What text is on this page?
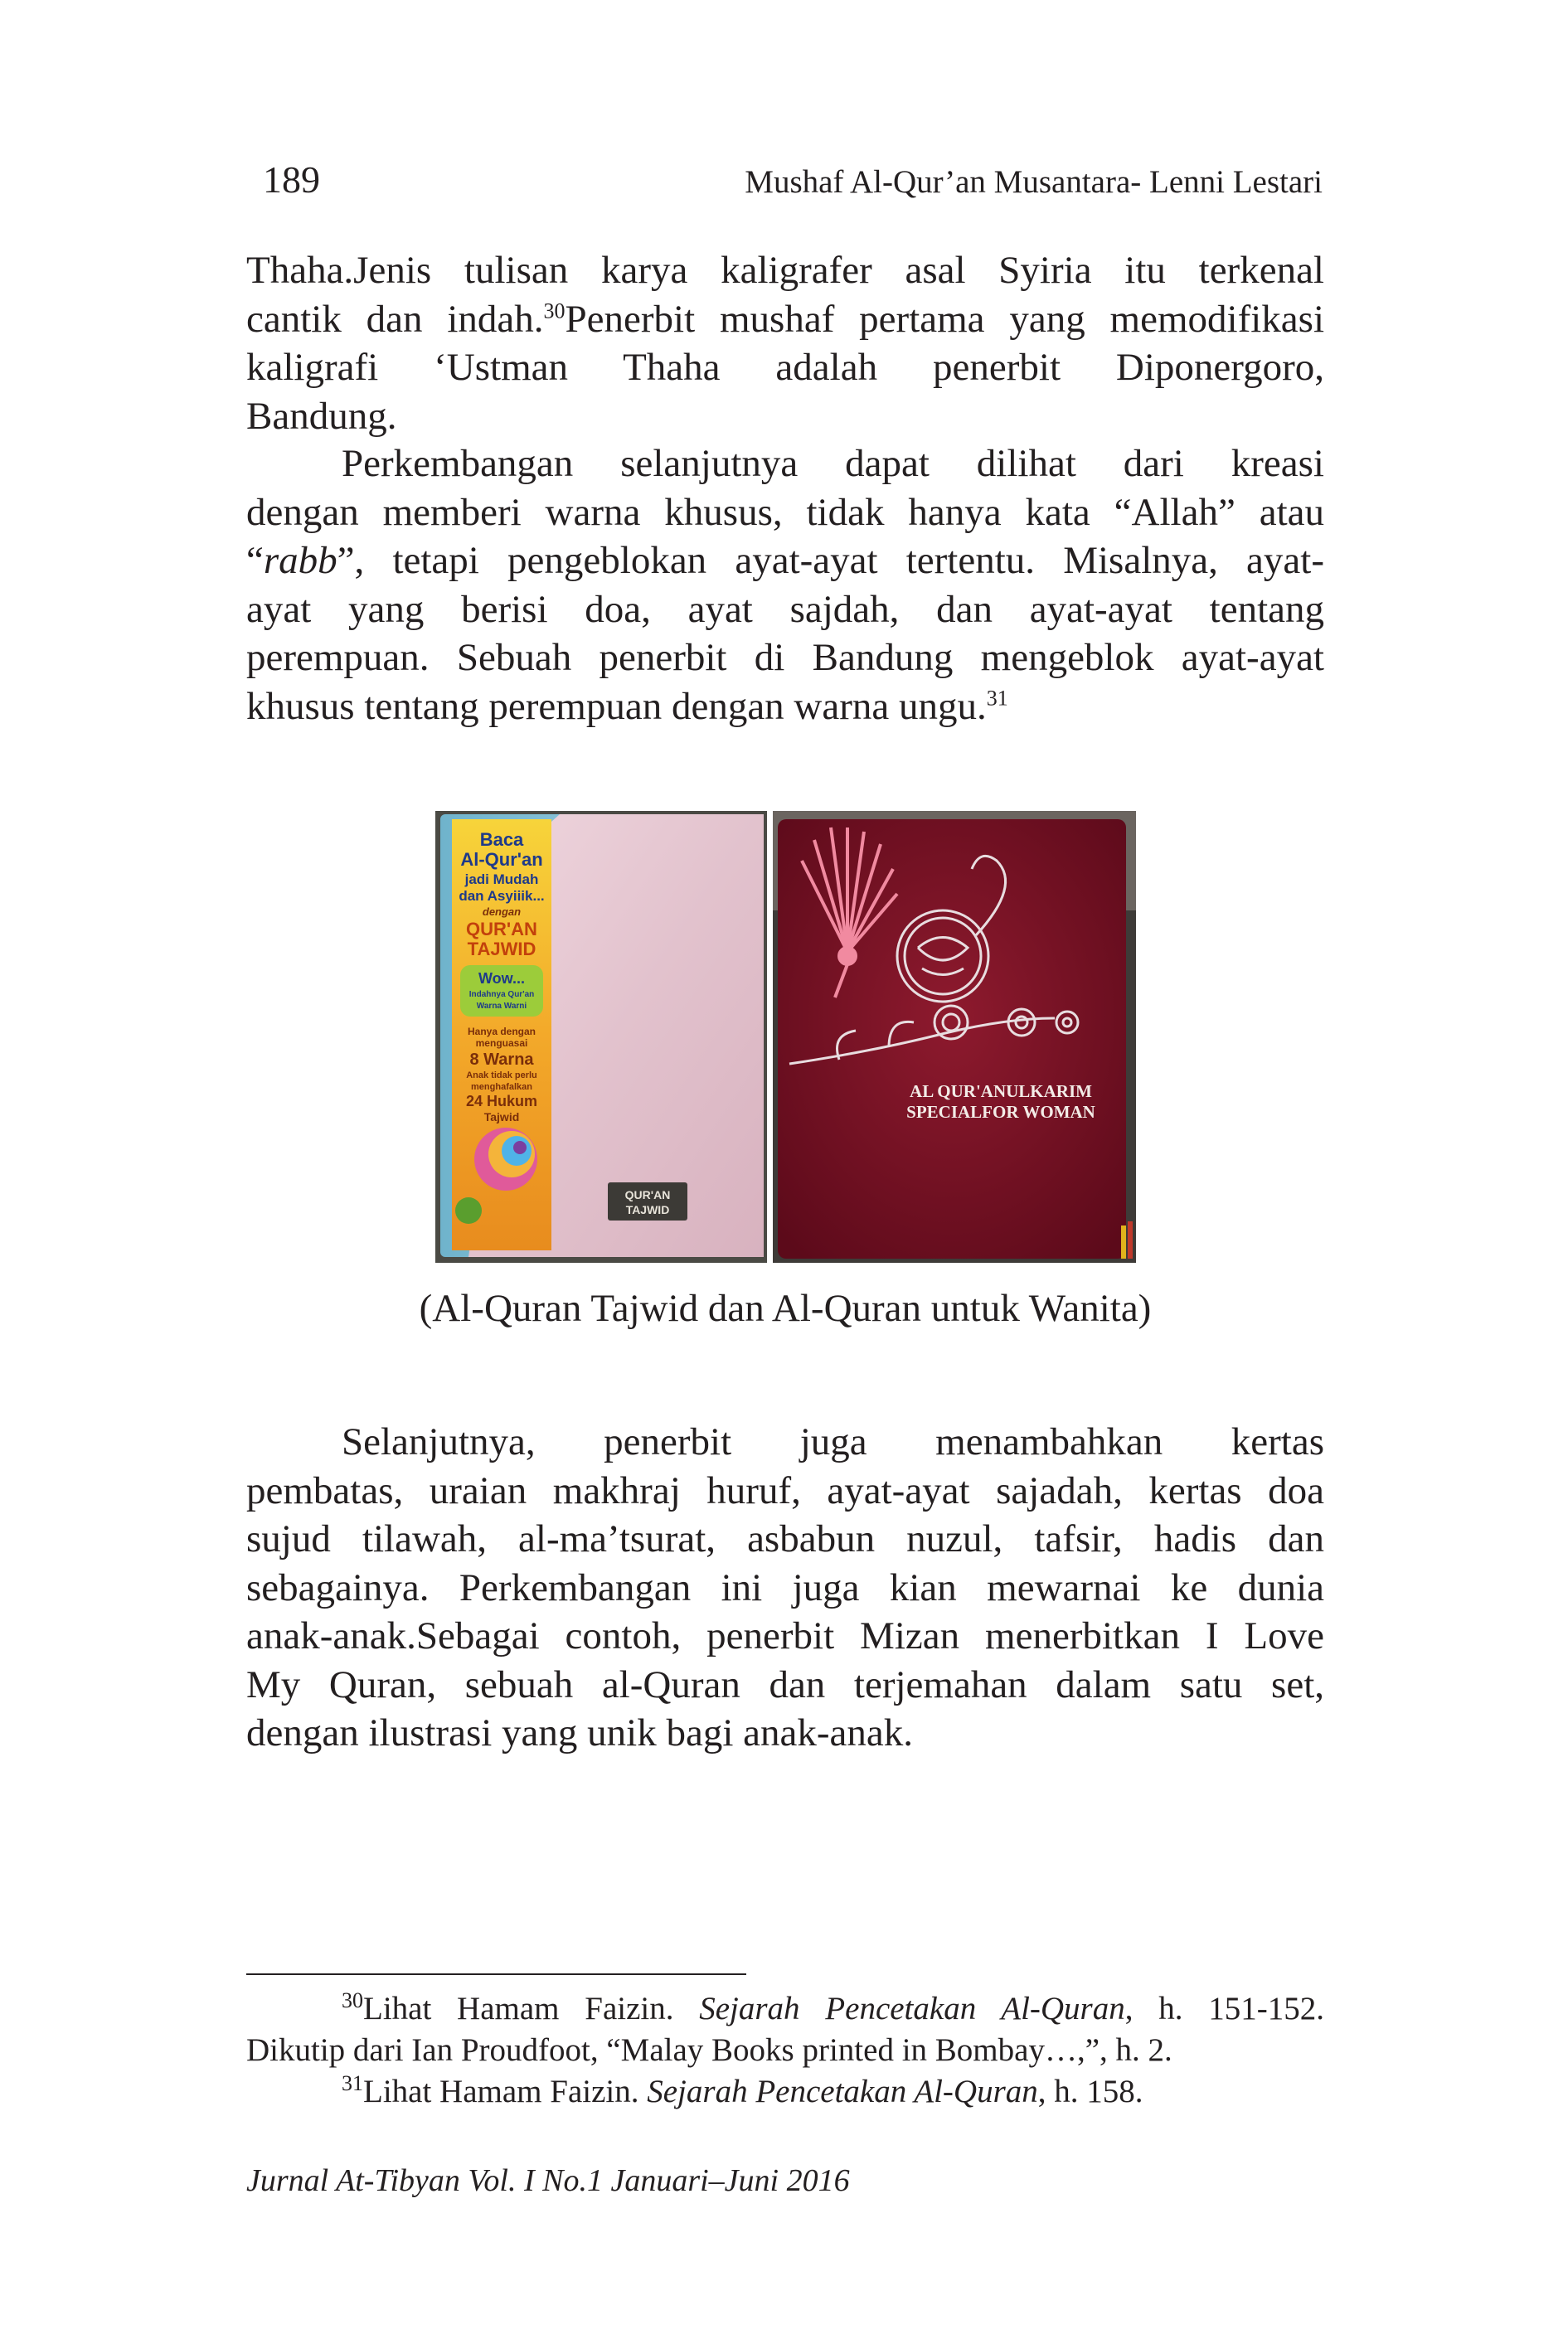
189	Mushaf Al-Qur’an Musantara- Lenni Lestari
Thaha.Jenis tulisan karya kaligrafer asal Syiria itu terkenal
cantik dan indah.$^{30}$Penerbit mushaf pertama yang memodifikasi
kaligrafi ‘Ustman Thaha adalah penerbit Diponergoro,
Bandung.
Perkembangan selanjutnya dapat dilihat dari kreasi
dengan memberi warna khusus, tidak hanya kata “Allah” atau
“rabb”, tetapi pengeblokan ayat-ayat tertentu. Misalnya, ayat-
ayat yang berisi doa, ayat sajdah, dan ayat-ayat tentang
perempuan. Sebuah penerbit di Bandung mengeblok ayat-ayat
khusus tentang perempuan dengan warna ungu.$^{31}$
Baca
Al-Qur'an
jadi Mudah
dan Asyiiik...
dengan
QUR'AN
TAJWID
Wow...
Indahnya Qur'an
Warna Warni
Hanya dengan
menguasai
8 Warna
Anak tidak perlu
menghafalkan
24 Hukum
Tajwid
QUR'AN
TAJWID
AL QUR'ANULKARIM
SPECIALFOR WOMAN
(Al-Quran Tajwid dan Al-Quran untuk Wanita)
Selanjutnya, penerbit juga menambahkan kertas
pembatas, uraian makhraj huruf, ayat-ayat sajadah, kertas doa
sujud tilawah, al-ma’tsurat, asbabun nuzul, tafsir, hadis dan
sebagainya. Perkembangan ini juga kian mewarnai ke dunia
anak-anak.Sebagai contoh, penerbit Mizan menerbitkan I Love
My Quran, sebuah al-Quran dan terjemahan dalam satu set,
dengan ilustrasi yang unik bagi anak-anak.
$^{30}$Lihat Hamam Faizin. Sejarah Pencetakan Al-Quran, h. 151-152.
Dikutip dari Ian Proudfoot, “Malay Books printed in Bombay…,”, h. 2.
$^{31}$Lihat Hamam Faizin. Sejarah Pencetakan Al-Quran, h. 158.
Jurnal At-Tibyan Vol. I No.1 Januari–Juni 2016
